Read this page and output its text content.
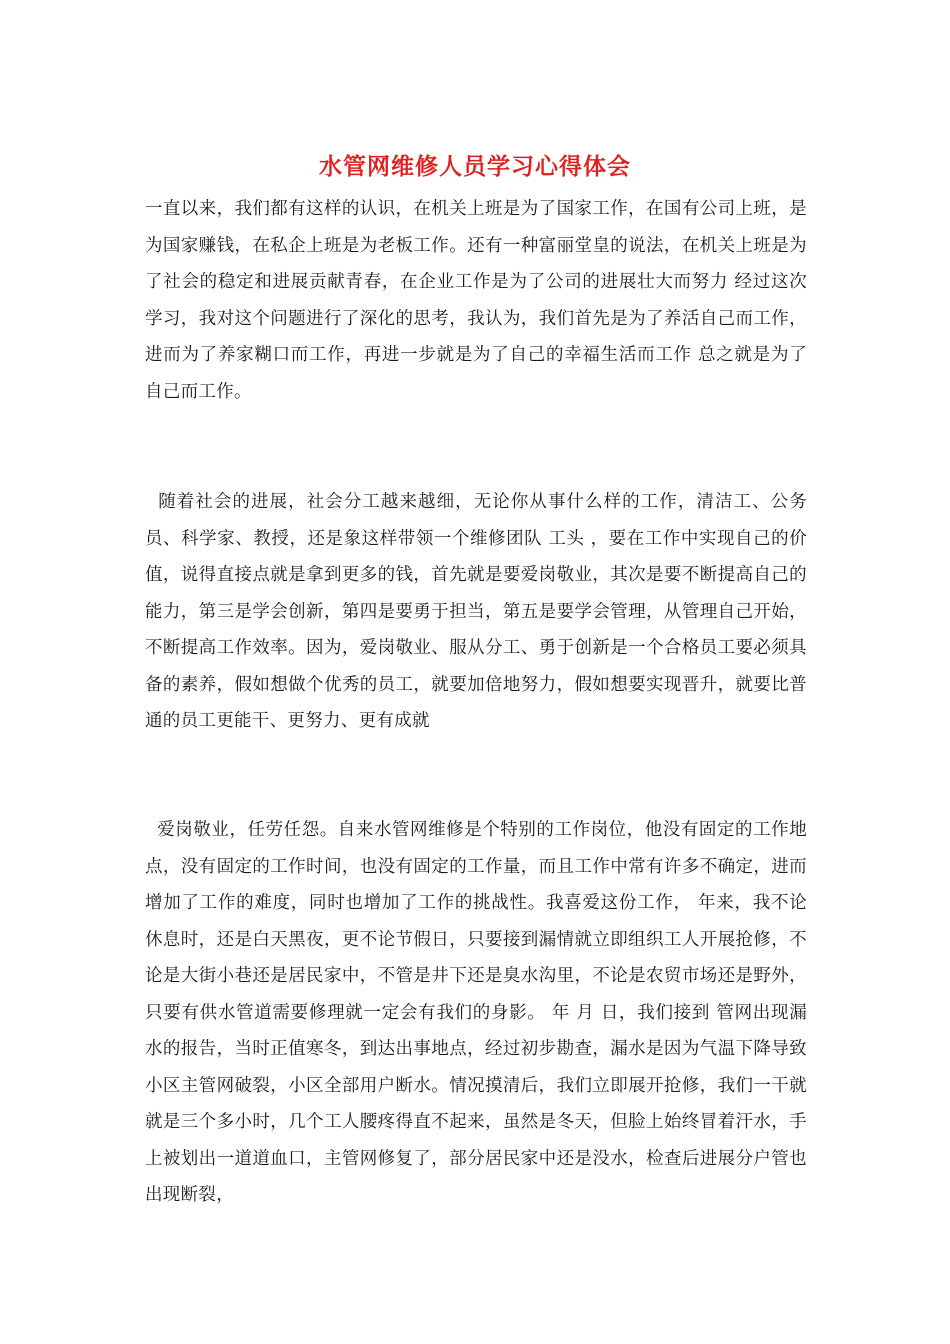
水管网维修人员学习心得体会

一直以来，我们都有这样的认识，在机关上班是为了国家工作，在国有公司上班，是为国家赚钱，在私企上班是为老板工作。还有一种富丽堂皇的说法，在机关上班是为了社会的稳定和进展贡献青春，在企业工作是为了公司的进展壮大而努力 经过这次学习，我对这个问题进行了深化的思考，我认为，我们首先是为了养活自己而工作，进而为了养家糊口而工作，再进一步就是为了自己的幸福生活而工作 总之就是为了自己而工作。

随着社会的进展，社会分工越来越细，无论你从事什么样的工作，清洁工、公务员、科学家、教授，还是象这样带领一个维修团队 工头 ，要在工作中实现自己的价值，说得直接点就是拿到更多的钱，首先就是要爱岗敬业，其次是要不断提高自己的能力，第三是学会创新，第四是要勇于担当，第五是要学会管理，从管理自己开始，不断提高工作效率。因为，爱岗敬业、服从分工、勇于创新是一个合格员工要必须具备的素养，假如想做个优秀的员工，就要加倍地努力，假如想要实现晋升，就要比普通的员工更能干、更努力、更有成就

爱岗敬业，任劳任怨。自来水管网维修是个特别的工作岗位，他没有固定的工作地点，没有固定的工作时间，也没有固定的工作量，而且工作中常有许多不确定，进而增加了工作的难度，同时也增加了工作的挑战性。我喜爱这份工作， 年来，我不论休息时，还是白天黑夜，更不论节假日，只要接到漏情就立即组织工人开展抢修，不论是大街小巷还是居民家中，不管是井下还是臭水沟里，不论是农贸市场还是野外，只要有供水管道需要修理就一定会有我们的身影。 年 月 日，我们接到 管网出现漏水的报告，当时正值寒冬，到达出事地点，经过初步勘查，漏水是因为气温下降导致小区主管网破裂，小区全部用户断水。情况摸清后，我们立即展开抢修，我们一干就就是三个多小时，几个工人腰疼得直不起来，虽然是冬天，但脸上始终冒着汗水，手上被划出一道道血口，主管网修复了，部分居民家中还是没水，检查后进展分户管也出现断裂，
